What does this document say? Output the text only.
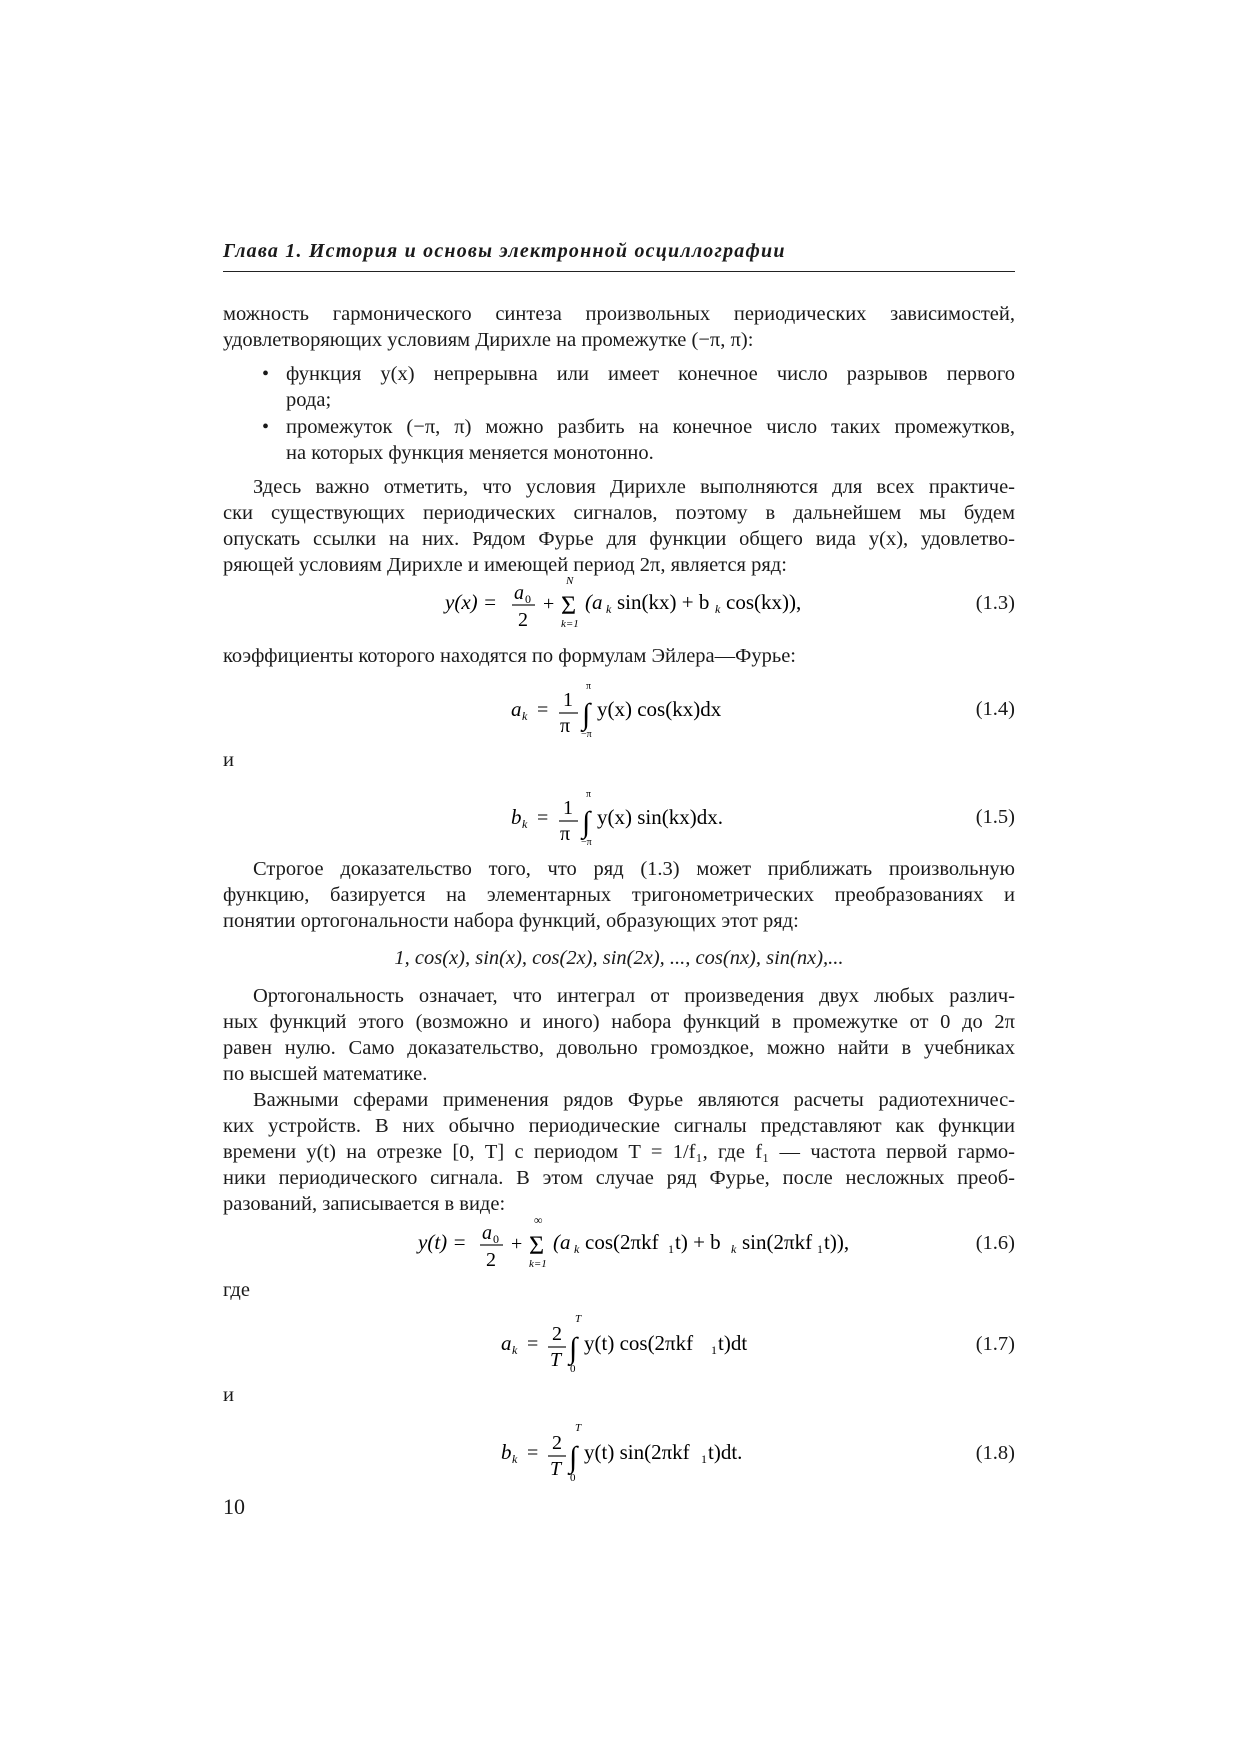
Глава 1. История и основы электронной осциллографии
можность гармонического синтеза произвольных периодических зависимостей,
удовлетворяющих условиям Дирихле на промежутке (−π, π):
• функция y(x) непрерывна или имеет конечное число разрывов первого
рода;
• промежуток (−π, π) можно разбить на конечное число таких промежутков,
на которых функция меняется монотонно.
Здесь важно отметить, что условия Дирихле выполняются для всех практиче-
ски существующих периодических сигналов, поэтому в дальнейшем мы будем
опускать ссылки на них. Рядом Фурье для функции общего вида y(x), удовлетво-
ряющей условиям Дирихле и имеющей период 2π, является ряд:
y(x) = a 0
2
+
N
Σ
k=1
(a k sin(kx) + b k cos(kx)),	(1.3)
коэффициенты которого находятся по формулам Эйлера—Фурье:
a k = 1
π
π
∫
−π
y(x) cos(kx)dx	(1.4)
и
b k = 1
π
π
∫
−π
y(x) sin(kx)dx.	(1.5)
Строгое доказательство того, что ряд (1.3) может приближать произвольную
функцию, базируется на элементарных тригонометрических преобразованиях и
понятии ортогональности набора функций, образующих этот ряд:
1, cos(x), sin(x), cos(2x), sin(2x), ..., cos(nx), sin(nx),...
Ортогональность означает, что интеграл от произведения двух любых различ-
ных функций этого (возможно и иного) набора функций в промежутке от 0 до 2π
равен нулю. Само доказательство, довольно громоздкое, можно найти в учебниках
по высшей математике.
Важными сферами применения рядов Фурье являются расчеты радиотехничес-
ких устройств. В них обычно периодические сигналы представляют как функции
времени y(t) на отрезке [0, T] с периодом T = 1/f₁, где f₁ — частота первой гармо-
ники периодического сигнала. В этом случае ряд Фурье, после несложных преоб-
разований, записывается в виде:
y(t) = a 0
2
+
∞
Σ
k=1
(a k cos(2πkf 1 t) + b k sin(2πkf 1 t)),	(1.6)
где
a k = 2
T
T
∫
0
y(t) cos(2πkf 1 t)dt	(1.7)
и
b k = 2
T
T
∫
0
y(t) sin(2πkf 1 t)dt.	(1.8)
10
